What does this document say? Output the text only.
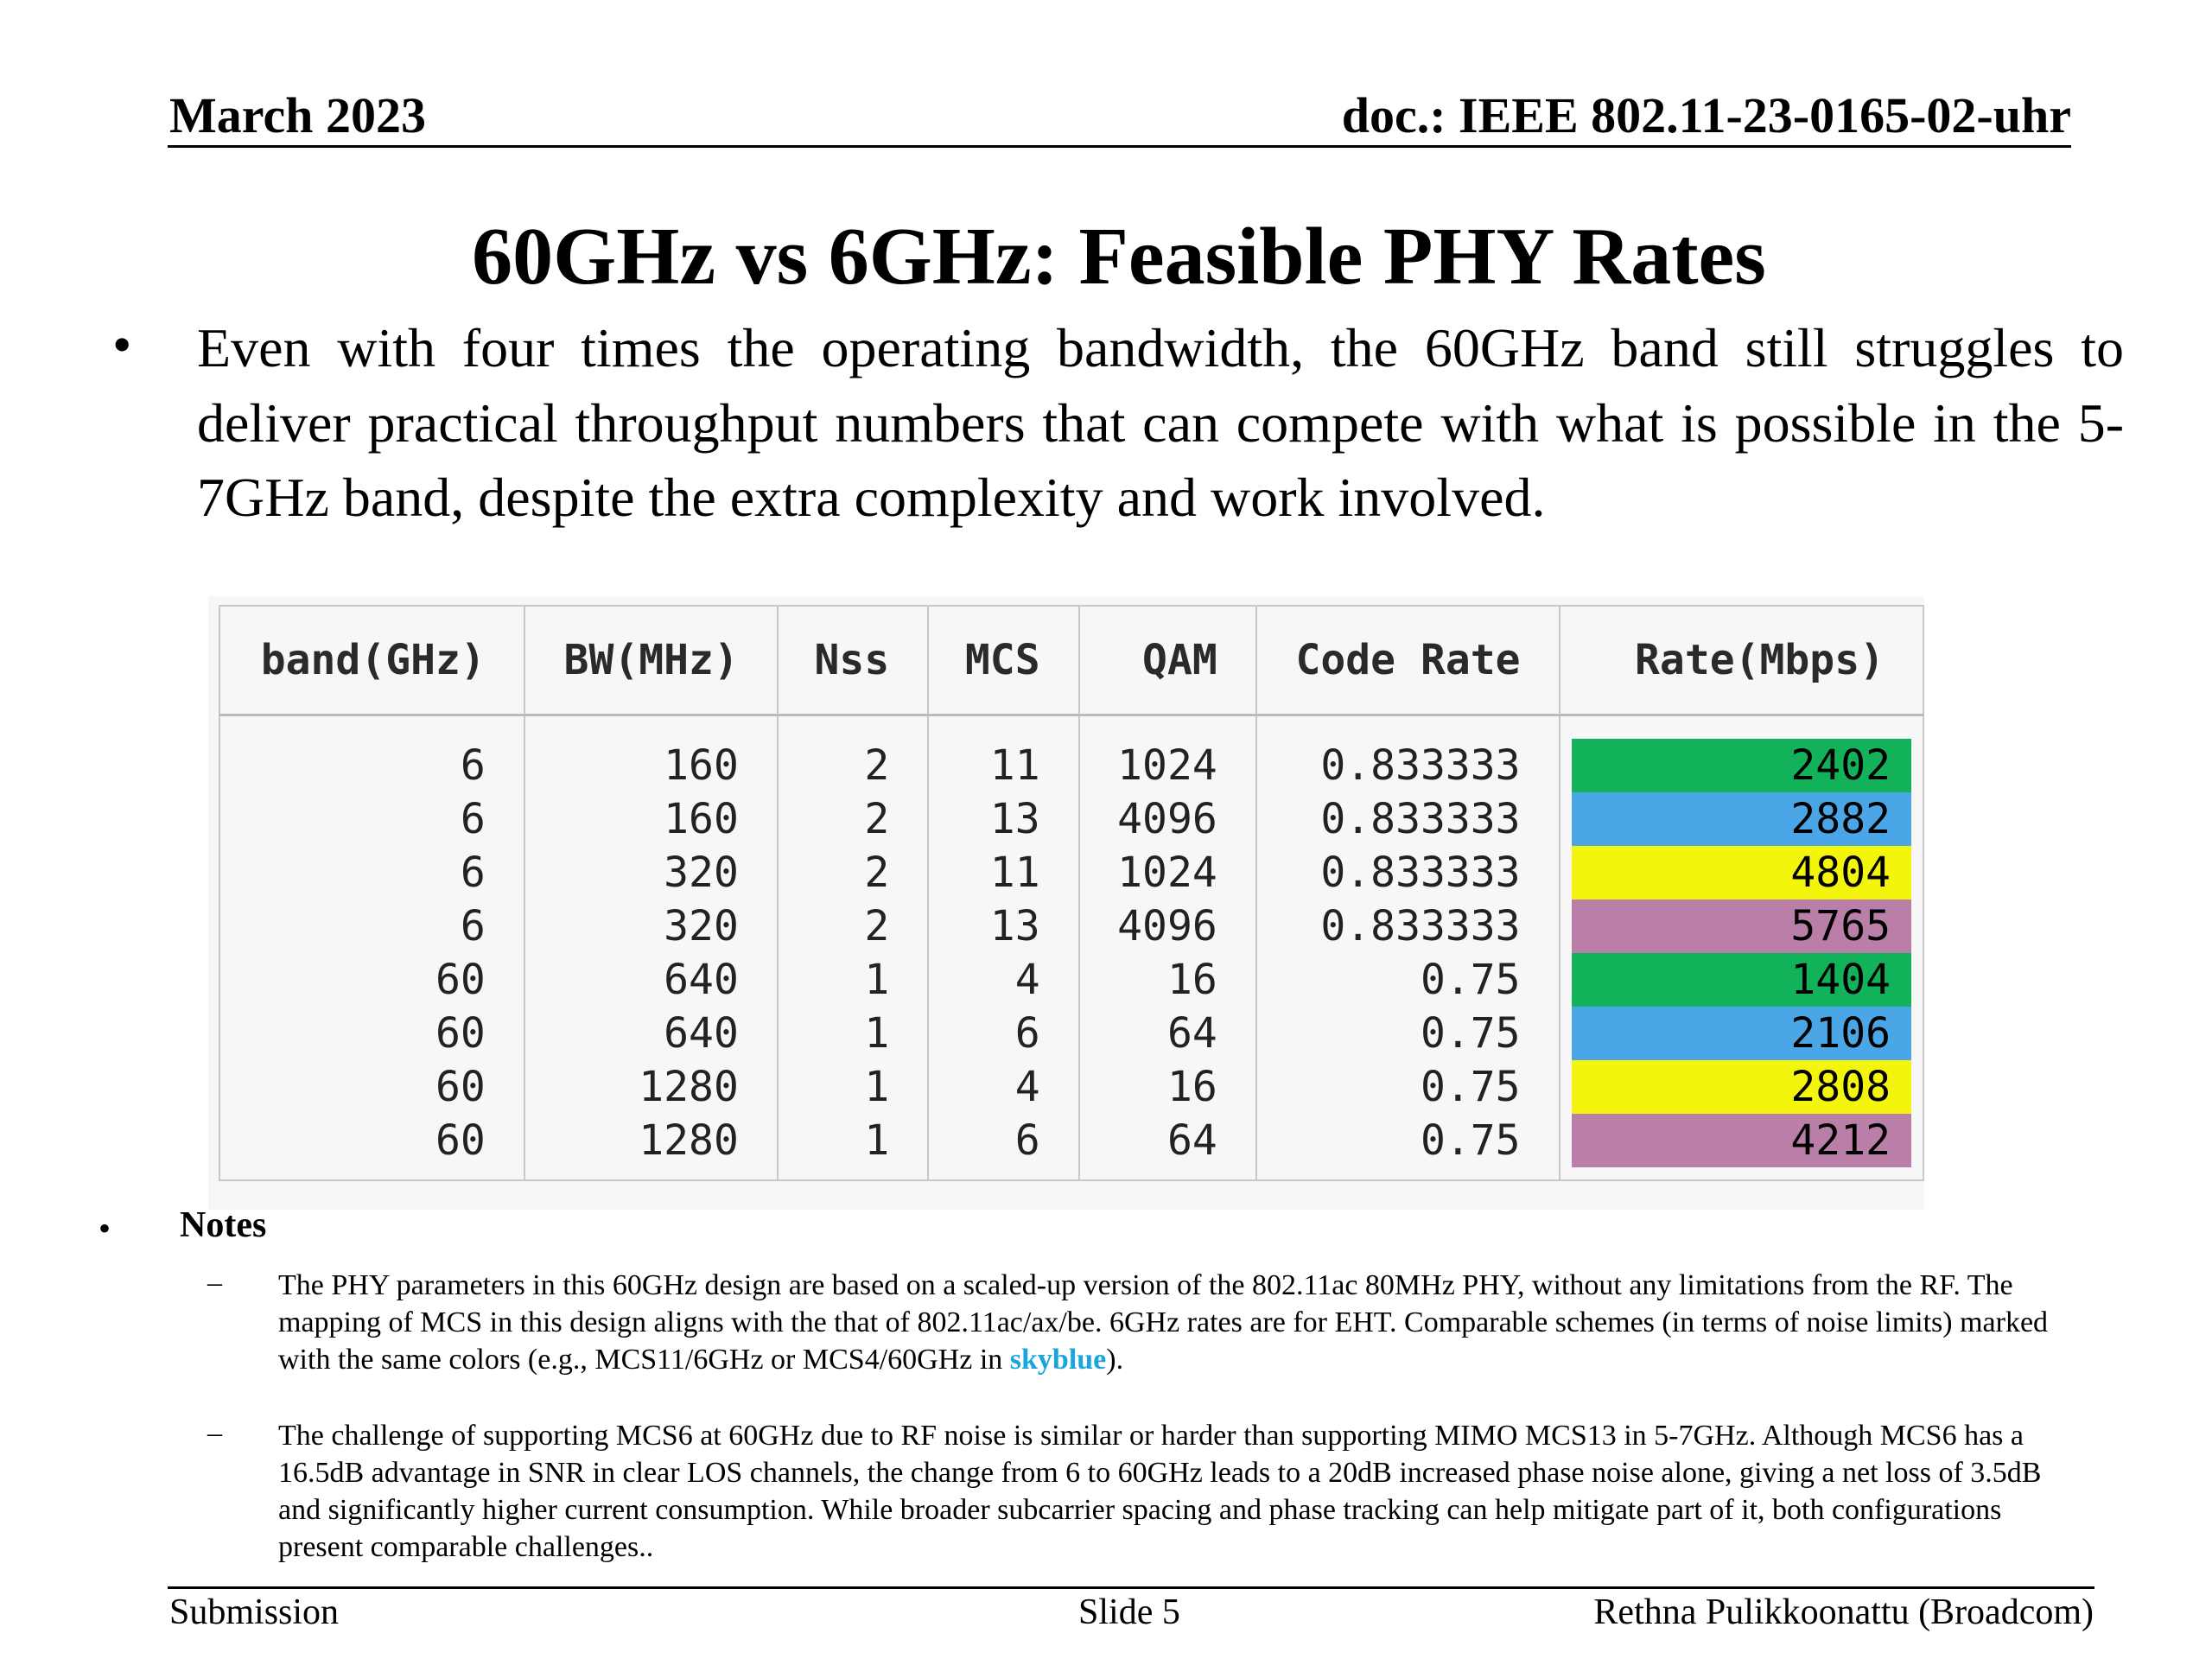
March 2023	doc.: IEEE 802.11-23-0165-02-uhr
60GHz vs 6GHz: Feasible PHY Rates
• Even with four times the operating bandwidth, the 60GHz band still struggles to deliver practical throughput numbers that can compete with what is possible in the 5-7GHz band, despite the extra complexity and work involved.
band(GHz)	BW(MHz)	Nss	MCS	QAM	Code Rate	Rate(Mbps)
6	160	2	11	1024	0.833333	2402

6	160	2	13	4096	0.833333	2882

6	320	2	11	1024	0.833333	4804

6	320	2	13	4096	0.833333	5765

60	640	1	4	16	0.75	1404

60	640	1	6	64	0.75	2106

60	1280	1	4	16	0.75	2808

60	1280	1	6	64	0.75	4212
• Notes
– The PHY parameters in this 60GHz design are based on a scaled-up version of the 802.11ac 80MHz PHY, without any limitations from the RF. The mapping of MCS in this design aligns with the that of 802.11ac/ax/be. 6GHz rates are for EHT. Comparable schemes (in terms of noise limits) marked with the same colors (e.g., MCS11/6GHz or MCS4/60GHz in skyblue).
– The challenge of supporting MCS6 at 60GHz due to RF noise is similar or harder than supporting MIMO MCS13 in 5-7GHz. Although MCS6 has a 16.5dB advantage in SNR in clear LOS channels, the change from 6 to 60GHz leads to a 20dB increased phase noise alone, giving a net loss of 3.5dB and significantly higher current consumption. While broader subcarrier spacing and phase tracking can help mitigate part of it, both configurations present comparable challenges..
Submission	Slide 5	Rethna Pulikkoonattu (Broadcom)
